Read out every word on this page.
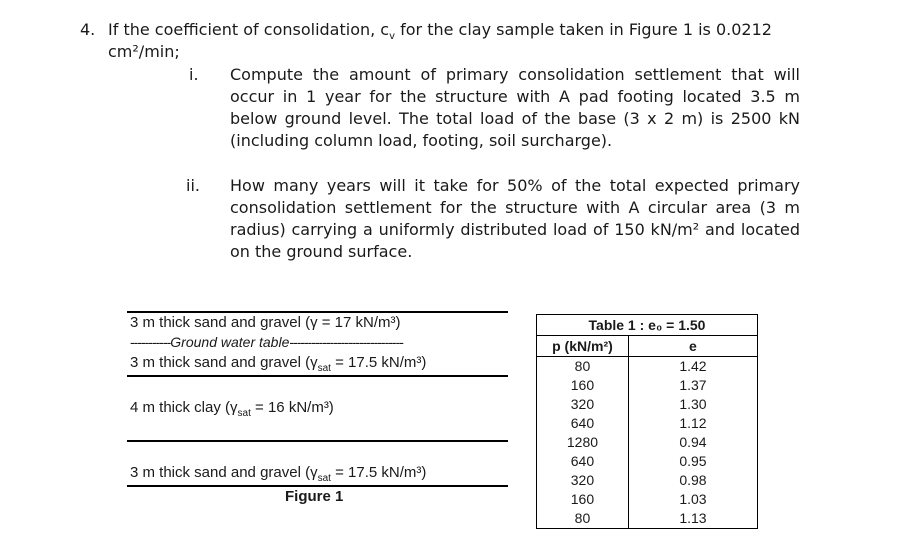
4. If the coefficient of consolidation, $c_v$ for the clay sample taken in Figure 1 is 0.0212
cm²/min;
i. Compute the amount of primary consolidation settlement that will occur in 1 year for the structure with A pad footing located 3.5 m below ground level. The total load of the base (3 x 2 m) is 2500 kN (including column load, footing, soil surcharge).
ii. How many years will it take for 50% of the total expected primary consolidation settlement for the structure with A circular area (3 m radius) carrying a uniformly distributed load of 150 kN/m² and located on the ground surface.
3 m thick sand and gravel (γ = 17 kN/m³)
-----------Ground water table-------------------------------
3 m thick sand and gravel ($\gamma_{sat} = 17.5$ kN/m³)
4 m thick clay ($\gamma_{sat} = 16$ kN/m³)
3 m thick sand and gravel ($\gamma_{sat} = 17.5$ kN/m³)
Figure 1
Table 1 : e₀ = 1.50	
p (kN/m²)	e
80	1.42
160	1.37
320	1.30
640	1.12
1280	0.94
640	0.95
320	0.98
160	1.03
80	1.13
